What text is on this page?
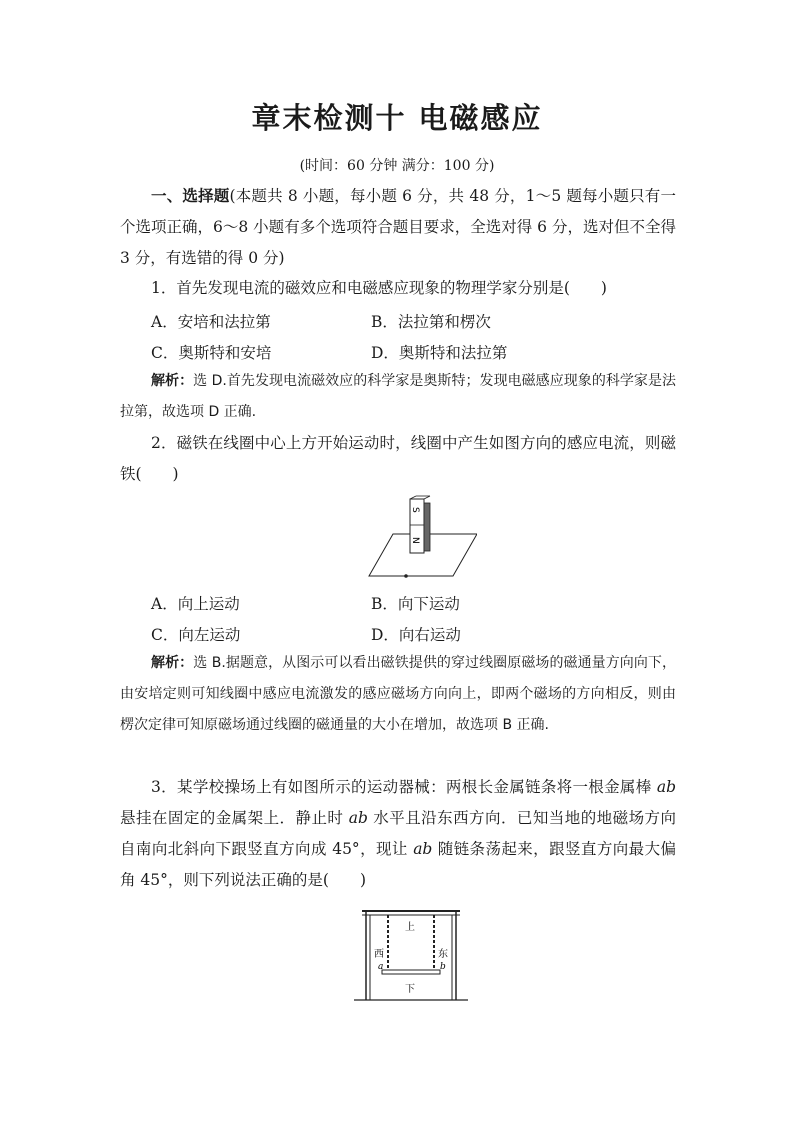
章末检测十 电磁感应
(时间：60 分钟 满分：100 分)
一、选择题(本题共 8 小题，每小题 6 分，共 48 分，1～5 题每小题只有一个选项正确，6～8 小题有多个选项符合题目要求，全选对得 6 分，选对但不全得 3 分，有选错的得 0 分)
1．首先发现电流的磁效应和电磁感应现象的物理学家分别是(　　)
A．安培和法拉第	B．法拉第和楞次
C．奥斯特和安培	D．奥斯特和法拉第
解析：选 D.首先发现电流磁效应的科学家是奥斯特；发现电磁感应现象的科学家是法拉第，故选项 D 正确.
2．磁铁在线圈中心上方开始运动时，线圈中产生如图方向的感应电流，则磁铁(　　)
S
N
A．向上运动	B．向下运动
C．向左运动	D．向右运动
解析：选 B.据题意，从图示可以看出磁铁提供的穿过线圈原磁场的磁通量方向向下，由安培定则可知线圈中感应电流激发的感应磁场方向向上，即两个磁场的方向相反，则由楞次定律可知原磁场通过线圈的磁通量的大小在增加，故选项 B 正确.
3．某学校操场上有如图所示的运动器械：两根长金属链条将一根金属棒 ab 悬挂在固定的金属架上．静止时 ab 水平且沿东西方向．已知当地的地磁场方向自南向北斜向下跟竖直方向成 45°，现让 ab 随链条荡起来，跟竖直方向最大偏角 45°，则下列说法正确的是(　　)
上
西	东
a	b
下
